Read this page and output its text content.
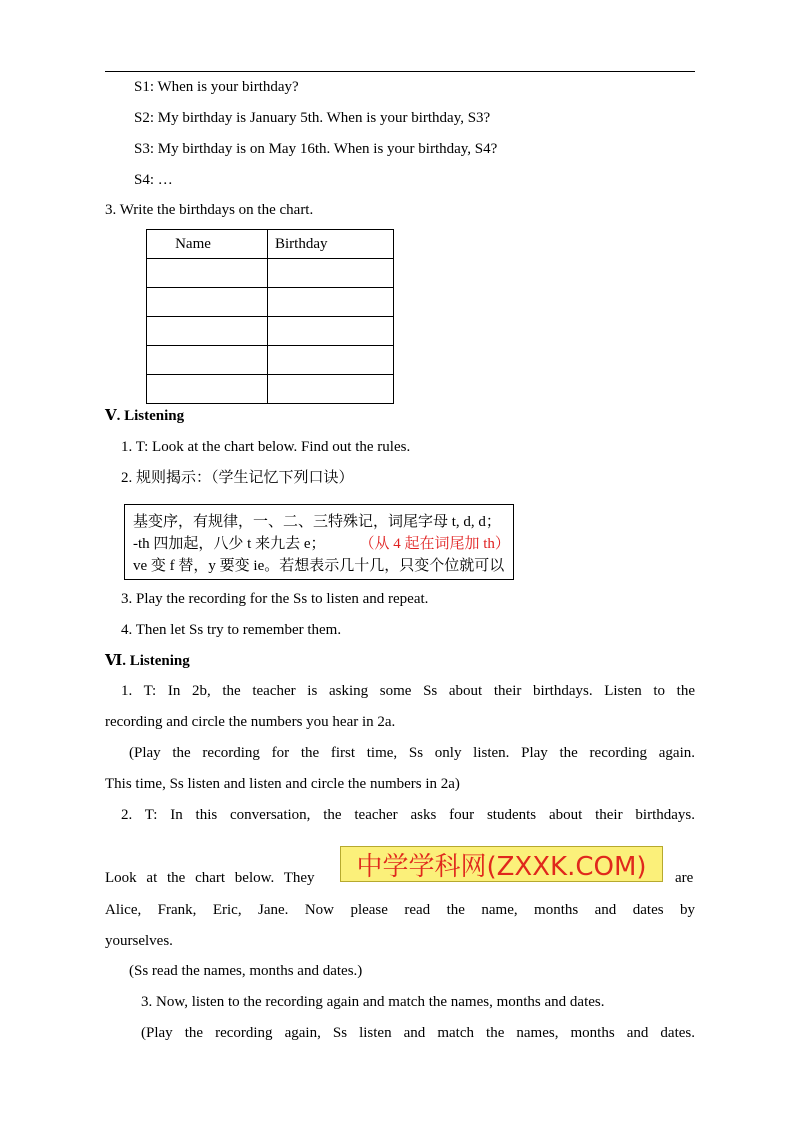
S1: When is your birthday?
S2: My birthday is January 5th. When is your birthday, S3?
S3: My birthday is on May 16th. When is your birthday, S4?
S4: …
3. Write the birthdays on the chart.
Name	Birthday

Ⅴ. Listening
1. T: Look at the chart below. Find out the rules.
2. 规则揭示：（学生记忆下列口诀）
基变序，有规律，一、二、三特殊记，词尾字母 t, d, d；
-th 四加起，八少 t 来九去 e； （从 4 起在词尾加 th）
ve 变 f 替，y 要变 ie。若想表示几十几，只变个位就可以
3. Play the recording for the Ss to listen and repeat.
4. Then let Ss try to remember them.
Ⅵ. Listening
1. T: In 2b, the teacher is asking some Ss about their birthdays. Listen to the
recording and circle the numbers you hear in 2a.
(Play the recording for the first time, Ss only listen. Play the recording again.
This time, Ss listen and listen and circle the numbers in 2a)
2. T: In this conversation, the teacher asks four students about their birthdays.
Look at the chart below. They	are
Alice, Frank, Eric, Jane. Now please read the name, months and dates by
yourselves.
(Ss read the names, months and dates.)
3. Now, listen to the recording again and match the names, months and dates.
(Play the recording again, Ss listen and match the names, months and dates.
中学学科网(ZXXK.COM)
